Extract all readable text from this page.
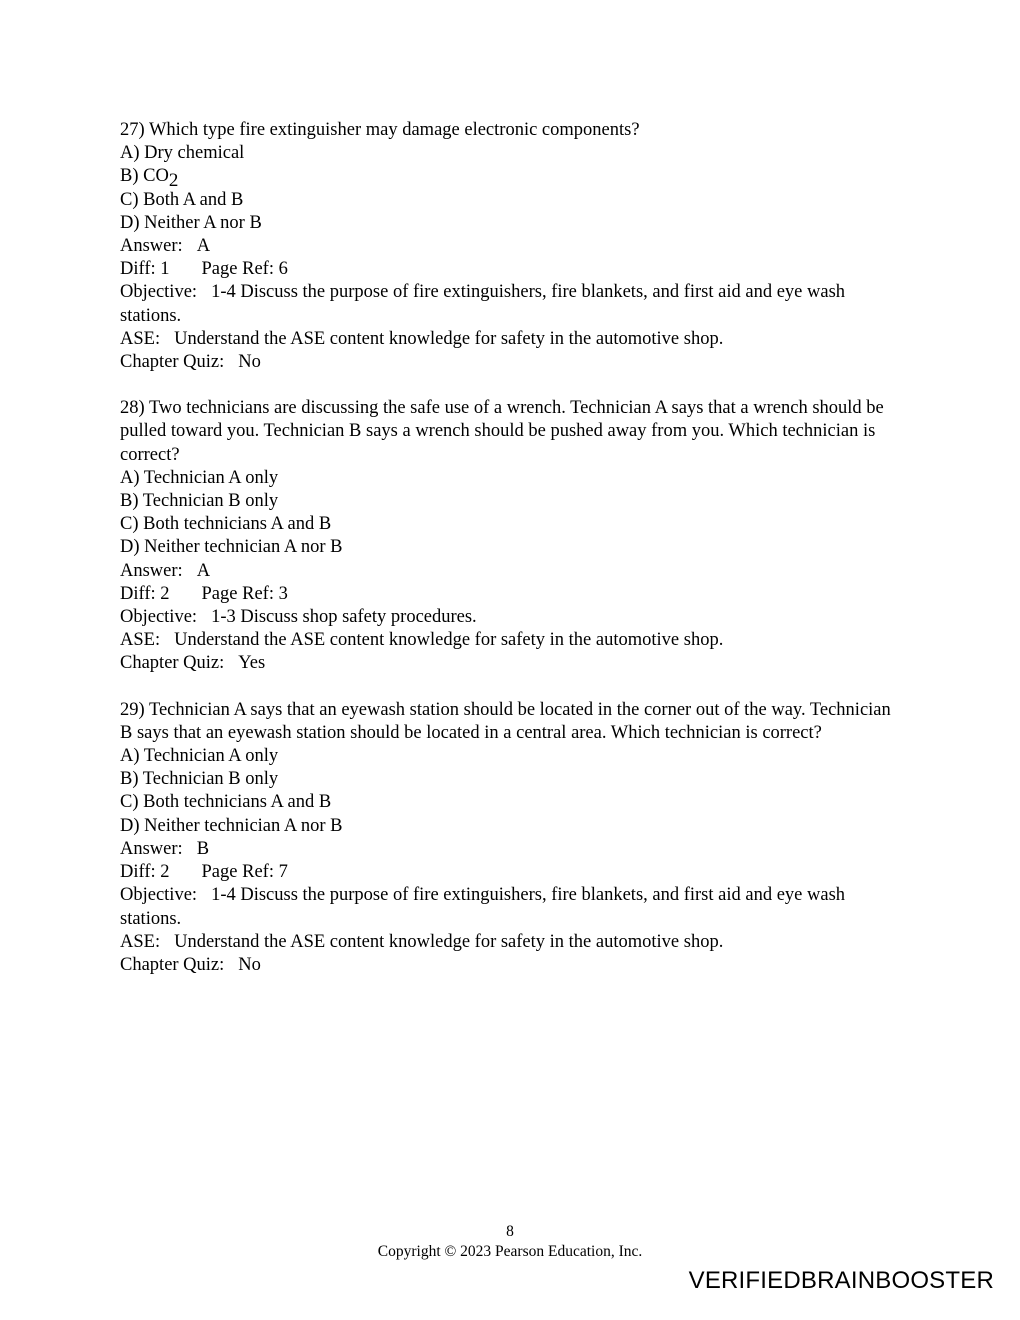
27) Which type fire extinguisher may damage electronic components?
A) Dry chemical
B) CO2
C) Both A and B
D) Neither A nor B
Answer: A
Diff: 1 Page Ref: 6
Objective: 1-4 Discuss the purpose of fire extinguishers, fire blankets, and first aid and eye wash stations.
ASE: Understand the ASE content knowledge for safety in the automotive shop.
Chapter Quiz: No
28) Two technicians are discussing the safe use of a wrench. Technician A says that a wrench should be pulled toward you. Technician B says a wrench should be pushed away from you. Which technician is correct?
A) Technician A only
B) Technician B only
C) Both technicians A and B
D) Neither technician A nor B
Answer: A
Diff: 2 Page Ref: 3
Objective: 1-3 Discuss shop safety procedures.
ASE: Understand the ASE content knowledge for safety in the automotive shop.
Chapter Quiz: Yes
29) Technician A says that an eyewash station should be located in the corner out of the way. Technician B says that an eyewash station should be located in a central area. Which technician is correct?
A) Technician A only
B) Technician B only
C) Both technicians A and B
D) Neither technician A nor B
Answer: B
Diff: 2 Page Ref: 7
Objective: 1-4 Discuss the purpose of fire extinguishers, fire blankets, and first aid and eye wash stations.
ASE: Understand the ASE content knowledge for safety in the automotive shop.
Chapter Quiz: No
8
Copyright © 2023 Pearson Education, Inc.
VERIFIEDBRAINBOOSTER
